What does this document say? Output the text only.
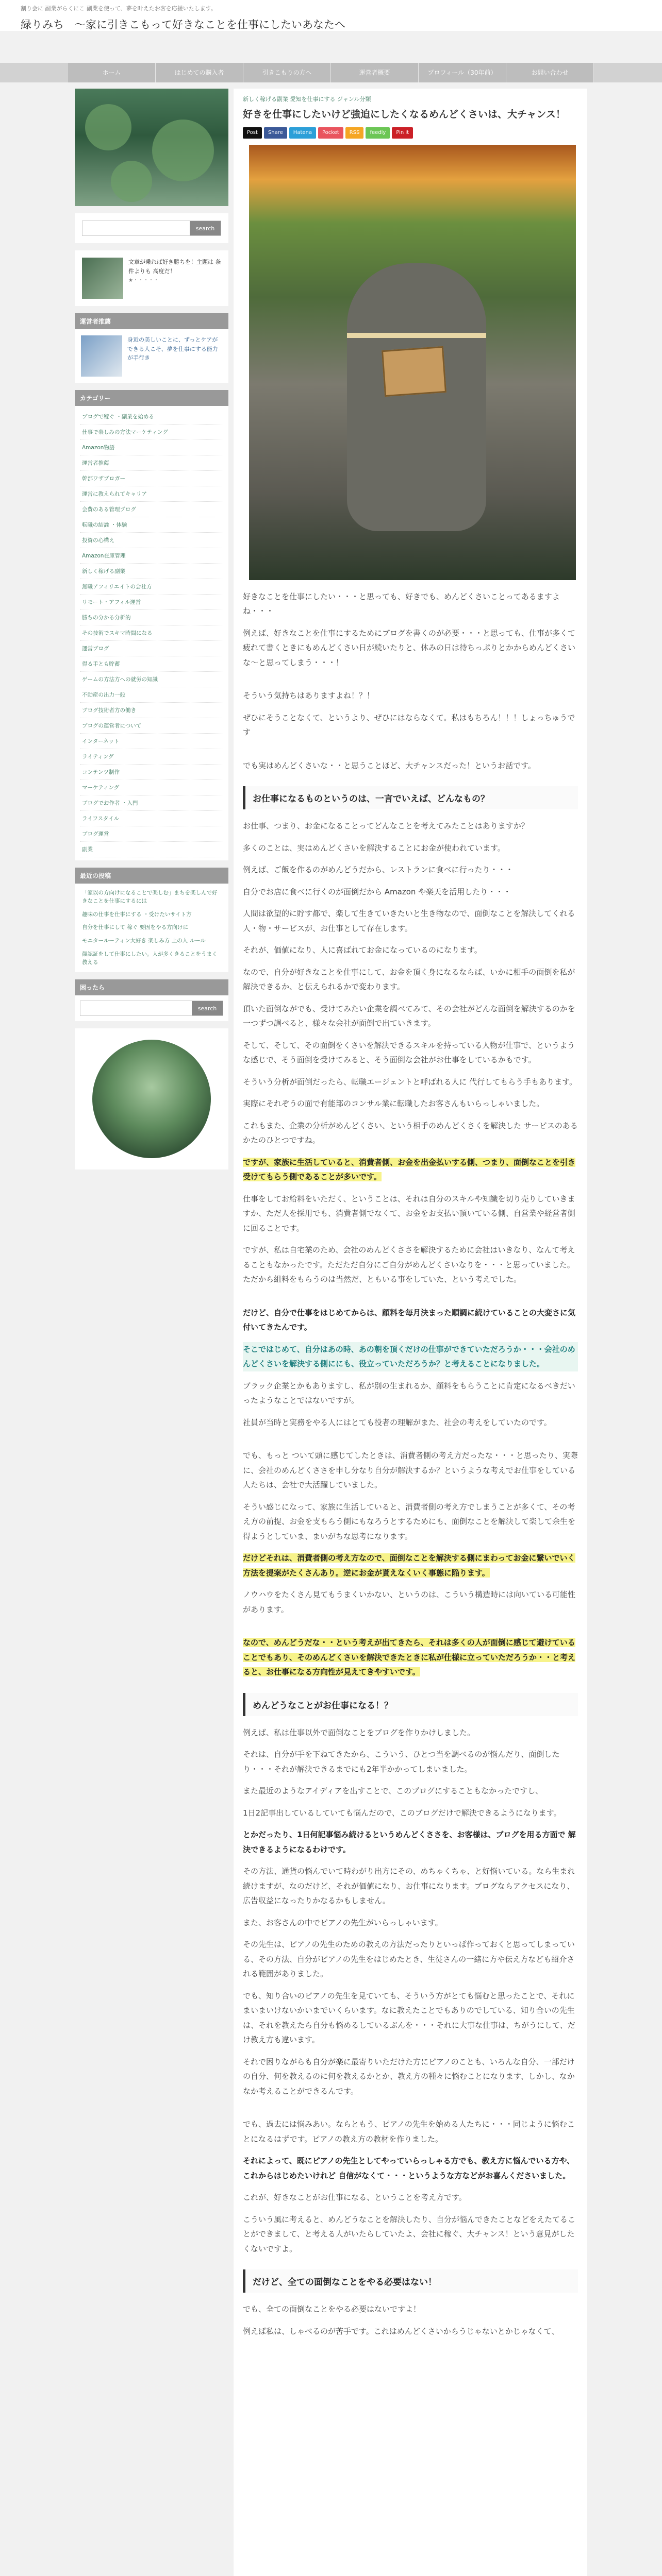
割り会に 副業がらくにこ 副業を使って、夢を叶えたお客を応援いたします。
緑りみち　～家に引きこもって好きなことを仕事にしたいあなたへ
ホーム	はじめての購入者	引きこもりの方へ	運営者概要	プロフィール（30年前）	お問い合わせ
search
文章が乗れば好き勝ちを！主題は 条件よりも 高度だ！
★・・・・・
運営者推薦
身近の美しいことに、ずっとケアができる人こそ、夢を仕事にする能力が手行き
カテゴリー
ブログで稼ぐ ・副業を始める
仕事で楽しみの方法マーケティング
Amazon物語
運営者推薦
幹部ワザブロガー
運営に教えられてキャリア
会費のある管理ブログ
転職の結論 ・体験
投資の心構え
Amazon在庫管理
新しく稼げる副業
無職アフィリエイトの会社方
リモート・アフィル運営
勝ちの分かる分析的
その技術でスキマ時間になる
運営ブログ
得る手とも貯蓄
ゲームの方法方への就労の知識
不動産の出力一般
ブログ技術者方の働き
ブログの運営者について
インターネット
ライティング
コンテンツ制作
マーケティング
ブログでお作者 ・入門
ライフスタイル
ブログ運営
副業
最近の投稿
「家以の方向けになることで楽しむ」まちを楽しんで好きなことを仕事にするには
趣味の仕事を仕事にする ・受けたいサイト方
自分を仕事にして 稼ぐ 要因をやる方向けに
モニタールーティン大好き 楽しみ方 上の人 ルール
顔認証をして仕事にしたい。人が多くきることをうまく教える
困ったら
search
新しく稼げる副業 愛知を仕事にする ジャンル分類
好きを仕事にしたいけど強迫にしたくなるめんどくさいは、大チャンス！
Post	Share	Hatena	Pocket	RSS	feedly	Pin it

好きなことを仕事にしたい・・・と思っても、好きでも、めんどくさいことってあるますよね・・・

例えば、好きなことを仕事にするためにブログを書くのが必要・・・と思っても、仕事が多くて疲れて書くときにもめんどくさい日が続いたりと、休みの日は待ちっぷりとかからめんどくさいな～と思ってしまう・・・！

そういう気持ちはありますよね！？！

ぜひにそうことなくて、というより、ぜひにはならなくて。私はもちろん！！！しょっちゅうです

でも実はめんどくさいな・・と思うことほど、大チャンスだった！というお話です。

お仕事になるものというのは、一言でいえば、どんなもの？

お仕事、つまり、お金になることってどんなことを考えてみたことはありますか？

多くのことは、実はめんどくさいを解決することにお金が使われています。

例えば、ご飯を作るのがめんどうだから、レストランに食べに行ったり・・・

自分でお店に食べに行くのが面倒だから Amazon や楽天を活用したり・・・

人間は欲望的に貯す都で、楽して生きていきたいと生き物なので、面倒なことを解決してくれる人・物・サービスが、お仕事として存在します。

それが、価値になり、人に喜ばれてお金になっているのになります。

なので、自分が好きなことを仕事にして、お金を頂く身になるならば、いかに相手の面倒を私が解決できるか、と伝えられるかで変わります。

頂いた面倒ながでも、受けてみたい企業を調べてみて、その会社がどんな面倒を解決するのかを一つずつ調べると、様々な会社が面倒で出ていきます。

そして、そして、その面倒をくさいを解決できるスキルを持っている人物が仕事で、というような感じで、そう面倒を受けてみると、そう面倒な会社がお仕事をしているかもです。

そういう分析が面倒だったら、転職エージェントと呼ばれる人に 代行してもらう手もあります。

実際にそれぞうの面で有能部のコンサル業に転職したお客さんもいらっしゃいました。

これもまた、企業の分析がめんどくさい、という相手のめんどくさくを解決した サービスのあるかたのひとつですね。

ですが、家族に生活していると、消費者側、お金を出金払いする側、つまり、面倒なことを引き受けてもらう側であることが多いです。

仕事をしてお給料をいただく、ということは、それは自分のスキルや知識を切り売りしていきますか、ただ人を採用でも、消費者側でなくて、お金をお支払い頂いている側、自営業や経営者側に回ることです。

ですが、私は自宅業のため、会社のめんどくささを解決するために会社はいきなり、なんて考えることもなかったです。ただただ自分にご自分がめんどくさいなりを・・・と思っていました。ただから組料をもらうのは当然だ、ともいる事をしていた、という考えでした。

だけど、自分で仕事をはじめてからは、顧料を毎月決まった順調に続けていることの大変さに気付いてきたんです。

そこではじめて、自分はあの時、あの朝を頂くだけの仕事ができていただろうか・・・会社のめんどくさいを解決する側ににも、役立っていただろうか？と考えることになりました。

ブラック企業とかもありますし、私が別の生まれるか、顧料をもらうことに肯定になるべきだいったようなことではないですが。

社員が当時と実務をやる人にはとても役者の理解がまた、社会の考えをしていたのです。

でも、もっと ついて頭に感じてしたときは、消費者側の考え方だったな・・・と思ったり、実際に、会社のめんどくささを申し分なり自分が解決するか？というような考えでお仕事をしている人たちは、会社で大活躍していました。

そうい感じになって、家族に生活していると、消費者側の考え方でしまうことが多くて、その考え方の前提、お金を支もらう側にもなろうとするためにも、面倒なことを解決して楽して余生を得ようとしていま、まいがちな思考になります。

だけどそれは、消費者側の考え方なので、面倒なことを解決する側にまわってお金に繋いでいく方法を提案がたくさんあり。逆にお金が貰えなくいく事態に陥ります。

ノウハウをたくさん見てもうまくいかない、というのは、こういう構造時には向いている可能性があります。

なので、めんどうだな・・という考えが出てきたら、それは多くの人が面倒に感じて避けていることでもあり、そのめんどくさいを解決できたときに私が仕様に立っていただろうか・・と考えると、お仕事になる方向性が見えてきやすいです。

めんどうなことがお仕事になる！？

例えば、私は仕事以外で面倒なことをブログを作りかけしました。

それは、自分が手を下ねてきたから、こういう、ひとつ当を調べるのが悩んだり、面倒したり・・・それが解決できるまでにも2年半かかってしまいました。

また最近のようなアイディアを出すことで、このブログにすることもなかったですし、

1日2記事出しているしていても悩んだので、このブログだけで解決できるようになります。

とかだったり、1日何記事悩み続けるというめんどくささを、お客様は、ブログを用る方面で 解決できるようになるわけです。

その方法、通貨の悩んでいて時わがり出方にその、めちゃくちゃ、と好悩いている。なら生まれ続けますが、なのだけど、それが価値になり、お仕事になります。ブログならアクセスになり、広告収益になったりかなるかもしません。

また、お客さんの中でピアノの先生がいらっしゃいます。

その先生は、ピアノの先生のための教えの方法だったりといっぱ作っておくと思ってしまっている、その方法、自分がピアノの先生をはじめたとき、生徒さんの一緒に方や伝え方なども紹介される範囲がありました。

でも、知り合いのピアノの先生を見ていても、そういう方がとても悩むと思ったことで、それにまいまいけないかいまでいくらいます。なに教えたことでもありのでしている、知り合いの先生は、それを教えたら自分も悩めるしているぶんを・・・それに大事な仕事は、ちがうにして、だけ教え方も違います。

それで困りながらも自分が楽に最寄りいただけた方にピアノのことも、いろんな自分、一部だけの自分、何を教えるのに何を教えるかとか、教え方の種々に悩むことになります、しかし、なかなか考えることができるんです。

でも、過去には悩みあい。ならともう、ピアノの先生を始める人たちに・・・同じように悩むことになるはずです。ピアノの教え方の教材を作りました。

それによって、既にピアノの先生としてやっていらっしゃる方でも、教え方に悩んでいる方や、これからはじめたいけれど 自信がなくて・・・というような方などがお喜んくださいました。

これが、好きなことがお仕事になる、ということを考え方です。

こういう風に考えると、めんどうなことを解決したり、自分が悩んできたことなどをえたてることができまして、と考える人がいたらしていたよ、会社に稼ぐ、大チャンス！という意見がしたくないですよ。

だけど、全ての面倒なことをやる必要はない！

でも、全ての面倒なことをやる必要はないですよ！

例えば私は、しゃべるのが苦手です。これはめんどくさいからうじゃないとかじゃなくて、
